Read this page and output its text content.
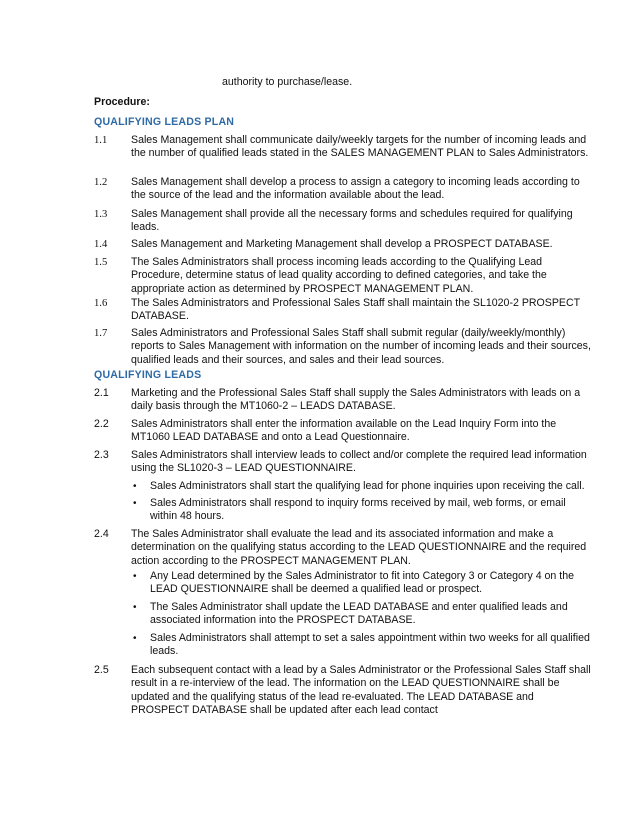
authority to purchase/lease.
Procedure:
QUALIFYING LEADS PLAN
1.1	Sales Management shall communicate daily/weekly targets for the number of incoming leads and the number of qualified leads stated in the SALES MANAGEMENT PLAN to Sales Administrators.
1.2	Sales Management shall develop a process to assign a category to incoming leads according to the source of the lead and the information available about the lead.
1.3	Sales Management shall provide all the necessary forms and schedules required for qualifying leads.
1.4	Sales Management and Marketing Management shall develop a PROSPECT DATABASE.
1.5	The Sales Administrators shall process incoming leads according to the Qualifying Lead Procedure, determine status of lead quality according to defined categories, and take the appropriate action as determined by PROSPECT MANAGEMENT PLAN.
1.6	The Sales Administrators and Professional Sales Staff shall maintain the SL1020-2 PROSPECT DATABASE.
1.7	Sales Administrators and Professional Sales Staff shall submit regular (daily/weekly/monthly) reports to Sales Management with information on the number of incoming leads and their sources, qualified leads and their sources, and sales and their lead sources.
QUALIFYING LEADS
2.1	Marketing and the Professional Sales Staff shall supply the Sales Administrators with leads on a daily basis through the MT1060-2 – LEADS DATABASE.
2.2	Sales Administrators shall enter the information available on the Lead Inquiry Form into the MT1060 LEAD DATABASE and onto a Lead Questionnaire.
2.3	Sales Administrators shall interview leads to collect and/or complete the required lead information using the SL1020-3 – LEAD QUESTIONNAIRE.
• Sales Administrators shall start the qualifying lead for phone inquiries upon receiving the call.
• Sales Administrators shall respond to inquiry forms received by mail, web forms, or email within 48 hours.
2.4	The Sales Administrator shall evaluate the lead and its associated information and make a determination on the qualifying status according to the LEAD QUESTIONNAIRE and the required action according to the PROSPECT MANAGEMENT PLAN.
• Any Lead determined by the Sales Administrator to fit into Category 3 or Category 4 on the LEAD QUESTIONNAIRE shall be deemed a qualified lead or prospect.
• The Sales Administrator shall update the LEAD DATABASE and enter qualified leads and associated information into the PROSPECT DATABASE.
• Sales Administrators shall attempt to set a sales appointment within two weeks for all qualified leads.
2.5	Each subsequent contact with a lead by a Sales Administrator or the Professional Sales Staff shall result in a re-interview of the lead. The information on the LEAD QUESTIONNAIRE shall be updated and the qualifying status of the lead re-evaluated. The LEAD DATABASE and PROSPECT DATABASE shall be updated after each lead contact
